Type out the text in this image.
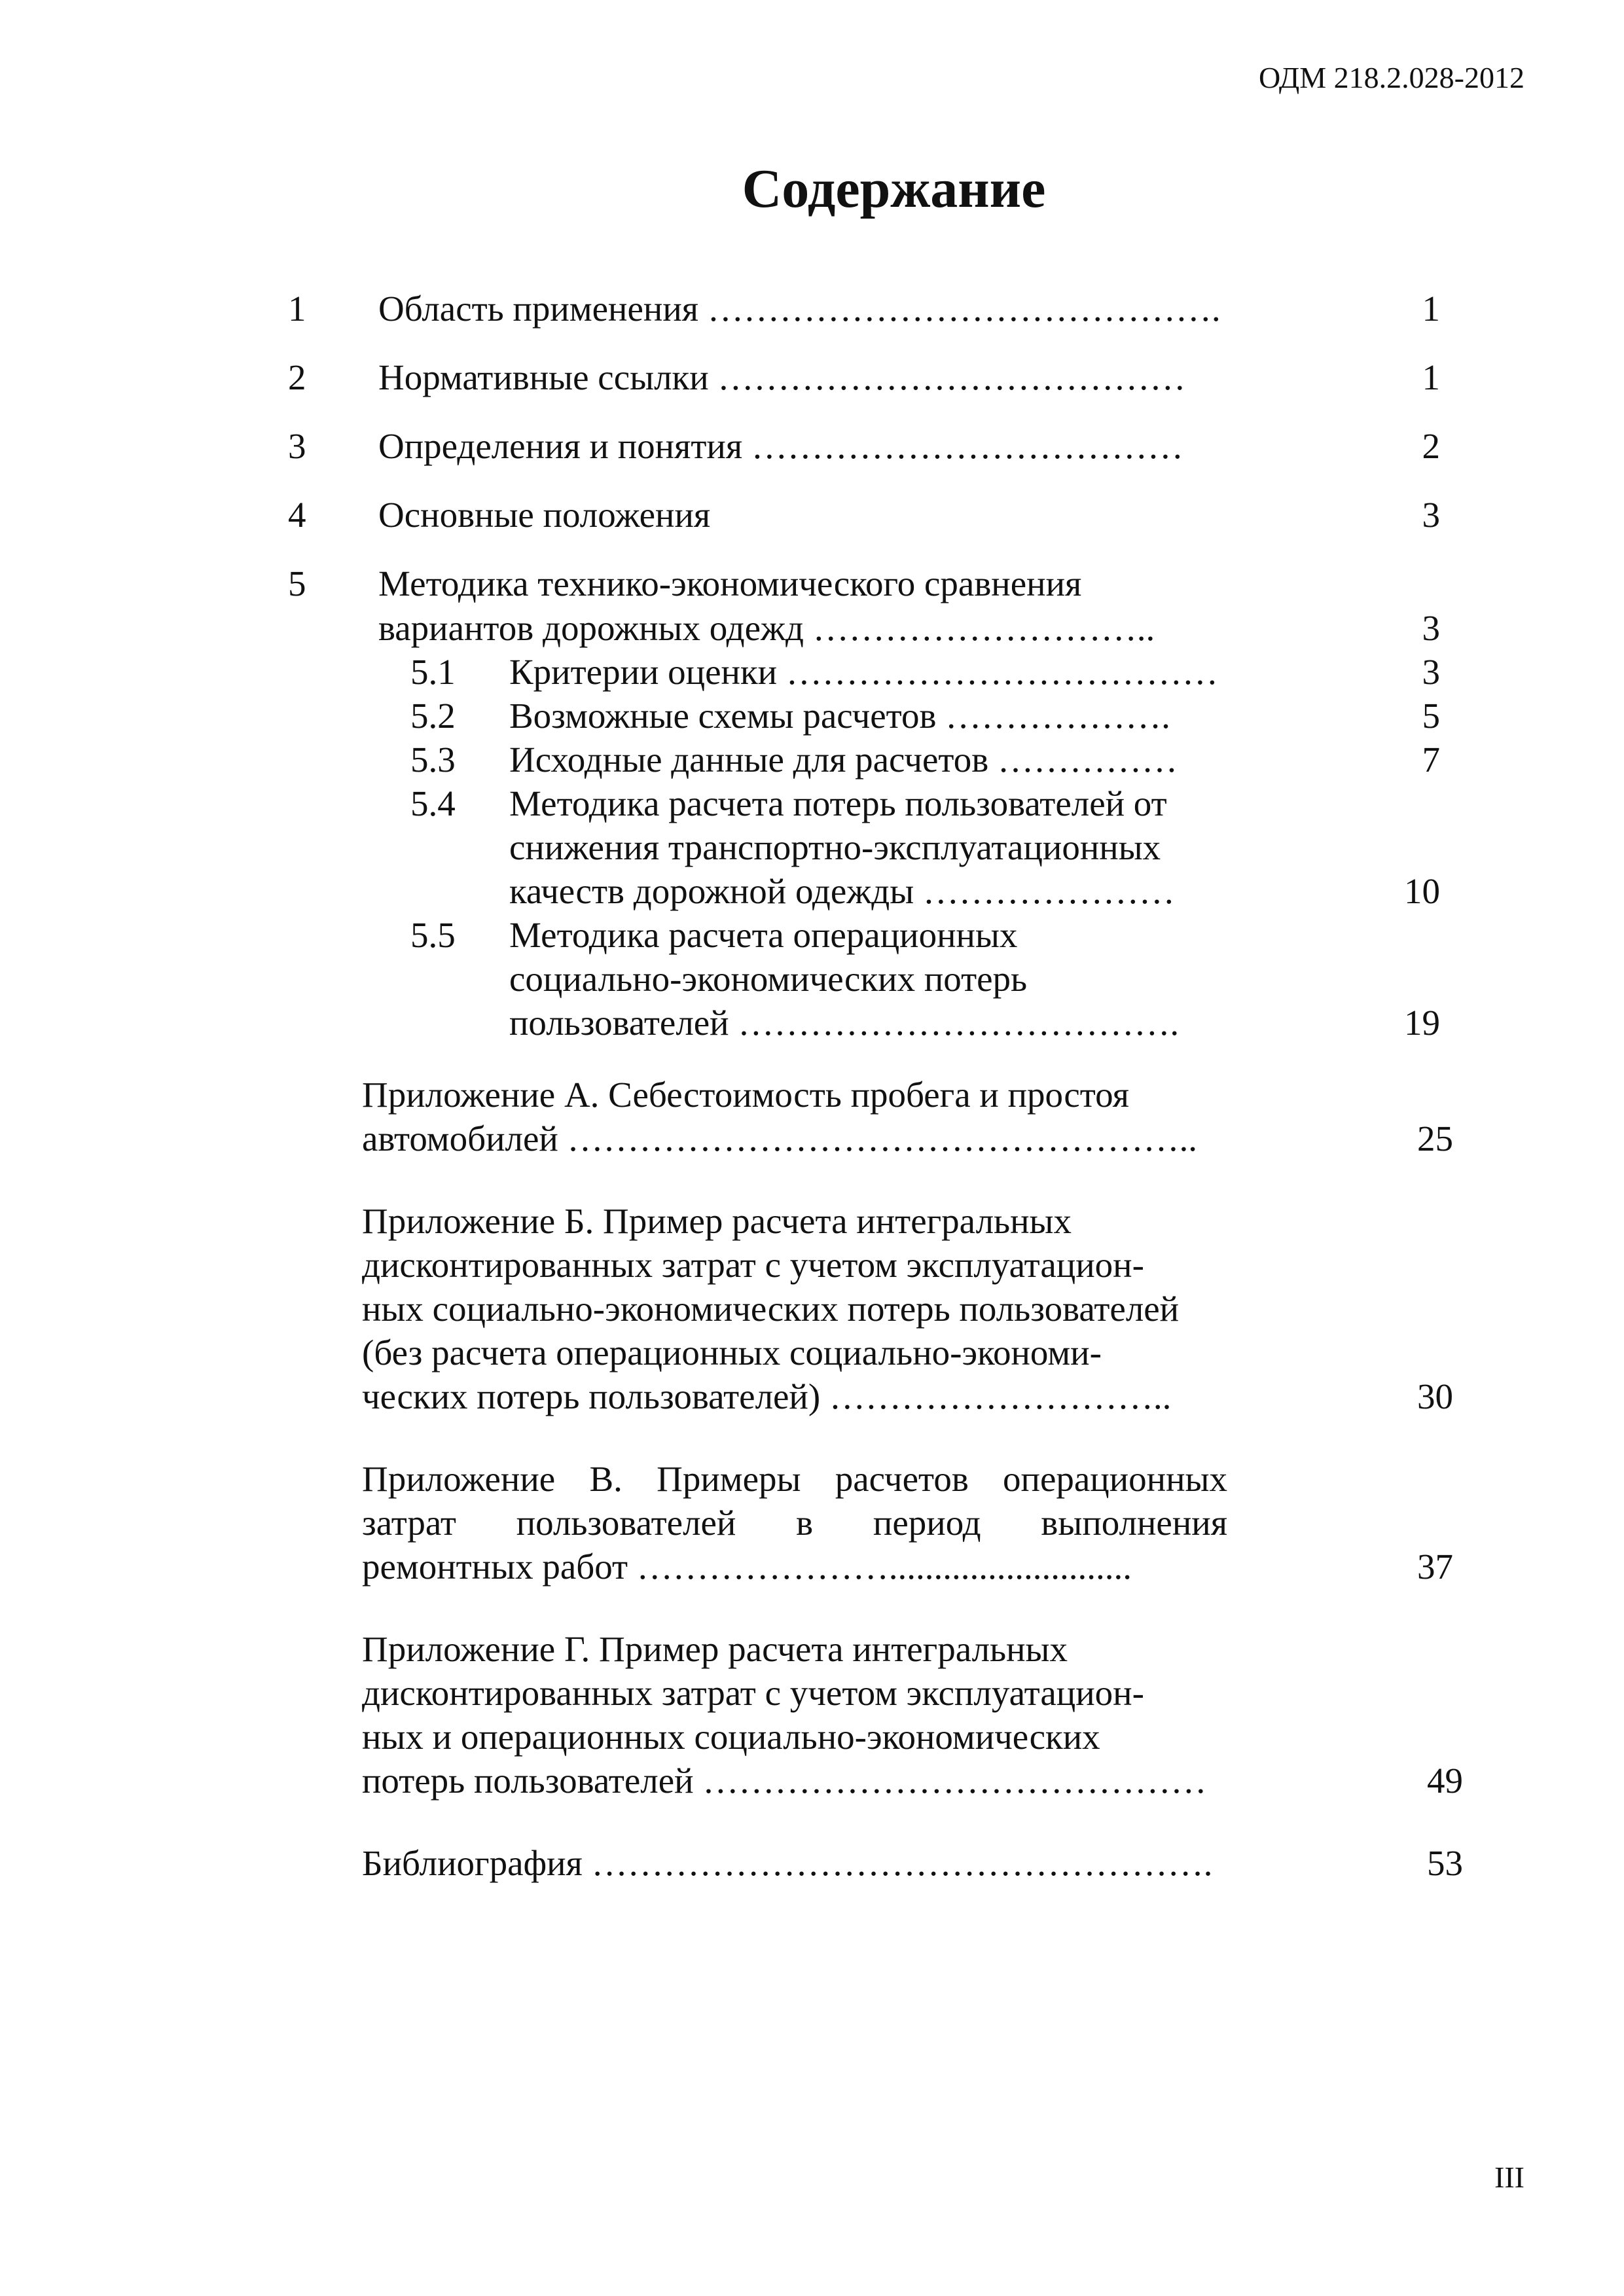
ОДМ 218.2.028-2012
Содержание
1 Область применения …………………………………….	1
2 Нормативные ссылки …………………………………	1
3 Определения и понятия ………………………………	2
4 Основные положения	3
5 Методика технико-экономического сравнения
вариантов дорожных одежд ………………………..	3
5.1 Критерии оценки ………………………………	3
5.2 Возможные схемы расчетов ……………….	5
5.3 Исходные данные для расчетов ……………	7
5.4 Методика расчета потерь пользователей от
снижения транспортно-эксплуатационных
качеств дорожной одежды …………………	10
5.5 Методика расчета операционных
социально-экономических потерь
пользователей ……………………………….	19
Приложение А. Себестоимость пробега и простоя
автомобилей ……………………………………………..	25
Приложение Б. Пример расчета интегральных
дисконтированных затрат с учетом эксплуатацион-
ных социально-экономических потерь пользователей
(без расчета операционных социально-экономи-
ческих потерь пользователей) ………………………..	30
Приложение В. Примеры расчетов операционных
затрат пользователей в период выполнения
ремонтных работ …………………...........................	37
Приложение Г. Пример расчета интегральных
дисконтированных затрат с учетом эксплуатацион-
ных и операционных социально-экономических
потерь пользователей ……………………………………	49
Библиография …………………………………………….	53
III
